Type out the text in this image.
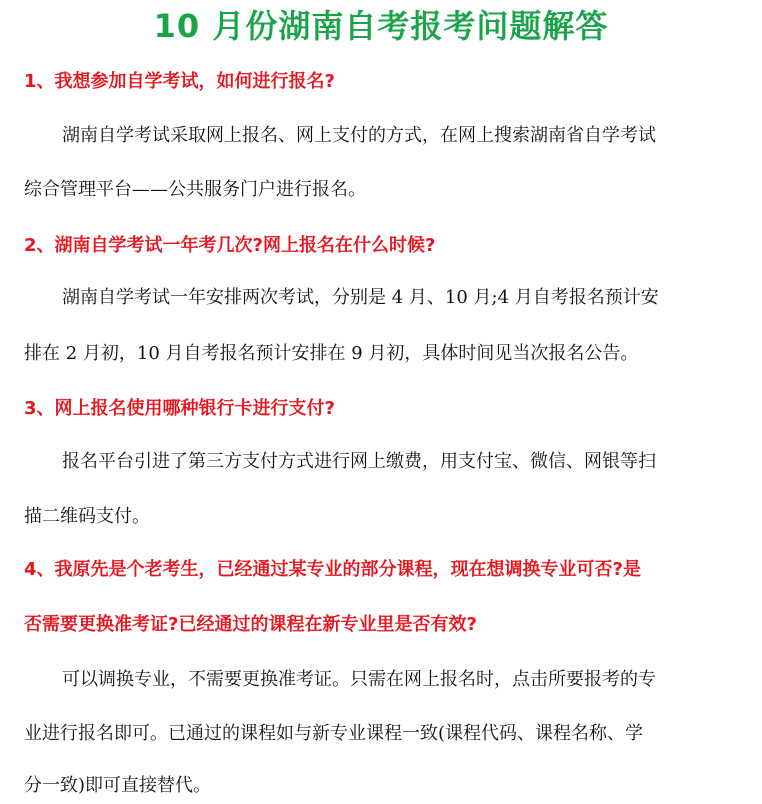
10 月份湖南自考报考问题解答

1、我想参加自学考试，如何进行报名?

湖南自学考试采取网上报名、网上支付的方式，在网上搜索湖南省自学考试

综合管理平台——公共服务门户进行报名。

2、湖南自学考试一年考几次?网上报名在什么时候?

湖南自学考试一年安排两次考试，分别是 4 月、10 月;4 月自考报名预计安

排在 2 月初，10 月自考报名预计安排在 9 月初，具体时间见当次报名公告。

3、网上报名使用哪种银行卡进行支付?

报名平台引进了第三方支付方式进行网上缴费，用支付宝、微信、网银等扫

描二维码支付。

4、我原先是个老考生，已经通过某专业的部分课程，现在想调换专业可否?是

否需要更换准考证?已经通过的课程在新专业里是否有效?

可以调换专业，不需要更换准考证。只需在网上报名时，点击所要报考的专

业进行报名即可。已通过的课程如与新专业课程一致(课程代码、课程名称、学

分一致)即可直接替代。
